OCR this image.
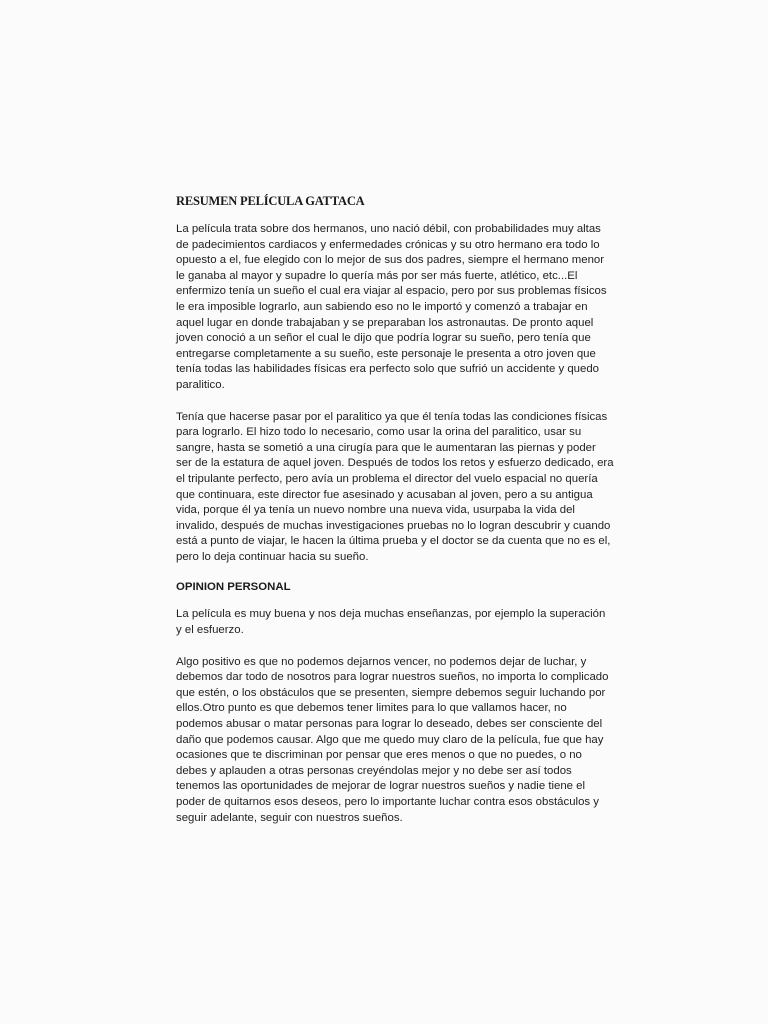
RESUMEN PELÍCULA GATTACA

La película trata sobre dos hermanos, uno nació débil, con probabilidades muy altas de padecimientos cardiacos y enfermedades crónicas y su otro hermano era todo lo opuesto a el, fue elegido con lo mejor de sus dos padres, siempre el hermano menor le ganaba al mayor y supadre lo quería más por ser más fuerte, atlético, etc...El enfermizo tenía un sueño el cual era viajar al espacio, pero por sus problemas físicos le era imposible lograrlo, aun sabiendo eso no le importó y comenzó a trabajar en aquel lugar en donde trabajaban y se preparaban los astronautas. De pronto aquel joven conoció a un señor el cual le dijo que podría lograr su sueño, pero tenía que entregarse completamente a su sueño, este personaje le presenta a otro joven que tenía todas las habilidades físicas era perfecto solo que sufrió un accidente y quedo paralitico.

Tenía que hacerse pasar por el paralitico ya que él tenía todas las condiciones físicas para lograrlo. El hizo todo lo necesario, como usar la orina del paralitico, usar su sangre, hasta se sometió a una cirugía para que le aumentaran las piernas y poder ser de la estatura de aquel joven. Después de todos los retos y esfuerzo dedicado, era el tripulante perfecto, pero avía un problema el director del vuelo espacial no quería que continuara, este director fue asesinado y acusaban al joven, pero a su antigua vida, porque él ya tenía un nuevo nombre una nueva vida, usurpaba la vida del invalido, después de muchas investigaciones pruebas no lo logran descubrir y cuando está a punto de viajar, le hacen la última prueba y el doctor se da cuenta que no es el, pero lo deja continuar hacia su sueño.

OPINION PERSONAL

La película es muy buena y nos deja muchas enseñanzas, por ejemplo la superación y el esfuerzo.

Algo positivo es que no podemos dejarnos vencer, no podemos dejar de luchar, y debemos dar todo de nosotros para lograr nuestros sueños, no importa lo complicado que estén, o los obstáculos que se presenten, siempre debemos seguir luchando por ellos.Otro punto es que debemos tener limites para lo que vallamos hacer, no podemos abusar o matar personas para lograr lo deseado, debes ser consciente del daño que podemos causar. Algo que me quedo muy claro de la película, fue que hay ocasiones que te discriminan por pensar que eres menos o que no puedes, o no debes y aplauden a otras personas creyéndolas mejor y no debe ser así todos tenemos las oportunidades de mejorar de lograr nuestros sueños y nadie tiene el poder de quitarnos esos deseos, pero lo importante luchar contra esos obstáculos y seguir adelante, seguir con nuestros sueños.
